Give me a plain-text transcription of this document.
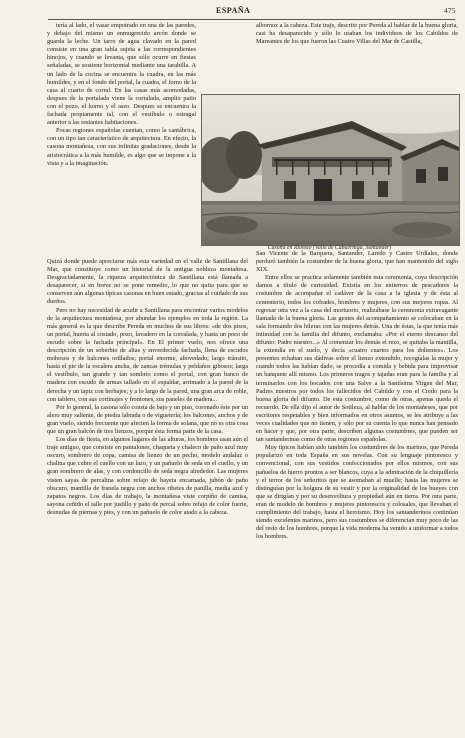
ESPAÑA	475

tería al lado, el vasar empotrado en una de las paredes, y debajo del mismo un enmugrecido arcón donde se guarda la leche. Un tarro de agua clavado en la pared consiste en una gran tabla sujeta a las correspondientes hinojos, y cuando se levanta, que sólo ocurre en fiestas señaladas, se sostiene horizontal mediante una tarabilla. A un lado de la cocina se encuentra la cuadra, en las más humildes, y en el fondo del portal, la cuadra, el forno de la casa al cuarto de corral. En las casas más acomodadas, despues de la portalada viene la corralada, amplio patio con el pozo, el horno y el aseo. Despues se encuentra la fachada propiamente tal, con el vestíbulo o estragal anterior a las restantes habitaciones.

Pocas regiones españolas cuentan, como la cantábrica, con un tipo tan característico de arquitectura. En efecto, la casona montañesa, con sus infinitas gradaciones, desde la aristocrática a la más humilde, es algo que se impone a la vista y a la imaginación.

albornoz a la cabeza. Este traje, descrito por Pereda al hablar de la buena gloria, casi ha desaparecido y sólo lo usaban los individuos de los Cabildos de Mareantes de los que fueron las Cuatro Villas del Mar de Castilla,

Casona en Rionsio (Valle de Cabuérniga, Santander)

Quizá donde puede apreciarse más esta variedad en el valle de Santillana del Mar, que constituye como un historial de la antigua nobleza montañesa. Desgraciadamente, la riqueza arquitectónica de Santillana está llamada a desaparecer, si en breve no se pone remedio, lo que no quita para que se conserven aún algunas típicas casonas en buen estado, gracias al cuidado de sus dueños.

Pero no hay necesidad de acudir a Santillana para encontrar varios modelos de la arquitectura montañesa, por abundar los ejemplos en toda la región. La más general es la que describe Pereda en muchos de sus libros: «de dos pisos, un portal, huerta al costado, pozo, lavadero en la corralada, y hasta un poco de escudo sobre la fachada principal». En El primer vuelo, nos ofrece una descripción de un soberbio de altas y enverdecida fachada, llena de escudos mohosos y de balcones orillados; portal enorme, abovedado; largo tránsito, hasta el pie de la escalera ancha, de zancas trémulas y peldaños gibosos; larga el vestíbulo, tan grande y tan sombrío como el portal, con gran banco de madera con escudo de armas tallado en el espaldar, arrimado a la pared de la derecha y un tapiz con herbajes; y a lo largo de la pared, una gran arca de roble, con tablero, con sus cortinajes y frontones, sus paneles de madera...

Por lo general, la casona sólo consta de bajo y un piso, coronado éste por un alero muy saliente, de piedra labrada o de viguetería; los balcones, anchos y de gran vuelo, siendo frecuente que afecten la forma de solana, que no es otra cosa que un gran balcón de tres lienzos, porque ésta forma parte de la casa.

Los días de fiesta, en algunos lugares de las alturas, los hombres usan aún el traje antiguo, que consiste en pantalones, chaqueta y chaleco de paño azul muy oscuro, sombrero de copa, camisa de lienzo de un pecho, modelo andaluz o chalina que cubre el cuello con un lazo, y un pañuelo de seda en el cuello, y un gran sombrero de alas, y con cordoncillo de seda negra alrededor. Las mujeres visten sayas de percalina sobre refajo de bayeta encarnada, jubón de paño obscuro, mantilla de franela negra con anchos ribetes de panilla, media azul y zapatos negros. Los días de trabajo, la montañesa viste corpiño de camisa, sayona ceñido el talle por justillo y paño de percal sobre refajo de color fuerte, desnudas de piernas y pies, y con un pañuelo de color atado a la cabeza.

San Vicente de la Barquera, Santander, Laredo y Castro Urdiales, donde perduró también la costumbre de la buena gloria, que han mantenido del siglo XIX.

Entre ellos se practica solamente también esta ceremonia, cuya descripción damos a título de curiosidad. Existía en los entierros de pescadores la costumbre de acompañar el cadáver de la casa a la iglesia y de ésta al cementerio, todos los cofrades, hombres y mujeres, con sus mejores ropas. Al regresar otra vez a la casa del mortuorio, realizábase la ceremonia extravagante llamada de la buena gloria. Las gentes del acompañamiento se colocaban en la sala formando dos hileras con las mujeres detrás. Una de éstas, la que tenía más intimidad con la familia del difunto, exclamaba: «Por el eterno descanso del difunto: Padre nuestro...» Al comenzar los demás el rezo, se quitaba la mantilla, la extendía en el suelo, y decía «cuatro cuartos para los dolientes». Los presentes echaban sus dádivas sobre el lienzo extendido, recogíalas la mujer y cuando todos las habían dado, se procedía a comida y bebida para improvisar un banquete allí mismo. Los primeros tragos y tajadas eran para la familia y al terminarlos con los bocados con una Salve a la Santísima Virgen del Mar, Padres nuestros por todos los fallecidos del Cabildo y con el Credo para la buena gloria del difunto. De esta costumbre, como de otras, apenas queda el recuerdo. De ella dijo el autor de Sotileza, al hablar de los montañeses, que por escritores respetables y bien informados en otros asuntos, se les atribuye a las veces cualidades que no tienen, y sólo por su cuenta lo que nunca han pensado en hacer y que, por otra parte, describen algunas costumbres, que pueden ser tan santanderinas como de otras regiones españolas.

Muy típicos habían sido también los costumbres de los marinos, que Pereda popularizó en toda España en sus novelas. Con su lenguaje pintoresco y convencional, con sus vestidos confeccionados por ellos mismos, con sus pañuelos de hierro prontos a ser blancos, cuya a la admiración de la chiquillería y el terror de los señoritos que se asomaban al muelle; hasta las mujeres se distinguían por la holgura de su vestir y por la originalidad de los bueyes con que se dirigían y por su desenvoltura y propiedad aún en tierra. Por otra parte, eran de modelo de hombres y mujeres pintorescos y colosales, que llevaban el cumplimiento del trabajo, hasta el heroísmo. Hoy los santanderinos continúan siendo excelentes marinos, pero sus costumbres se diferencian muy poco de las del resto de los hombres, porque la vida moderna ha venido a uniformar a todos los hombres.
